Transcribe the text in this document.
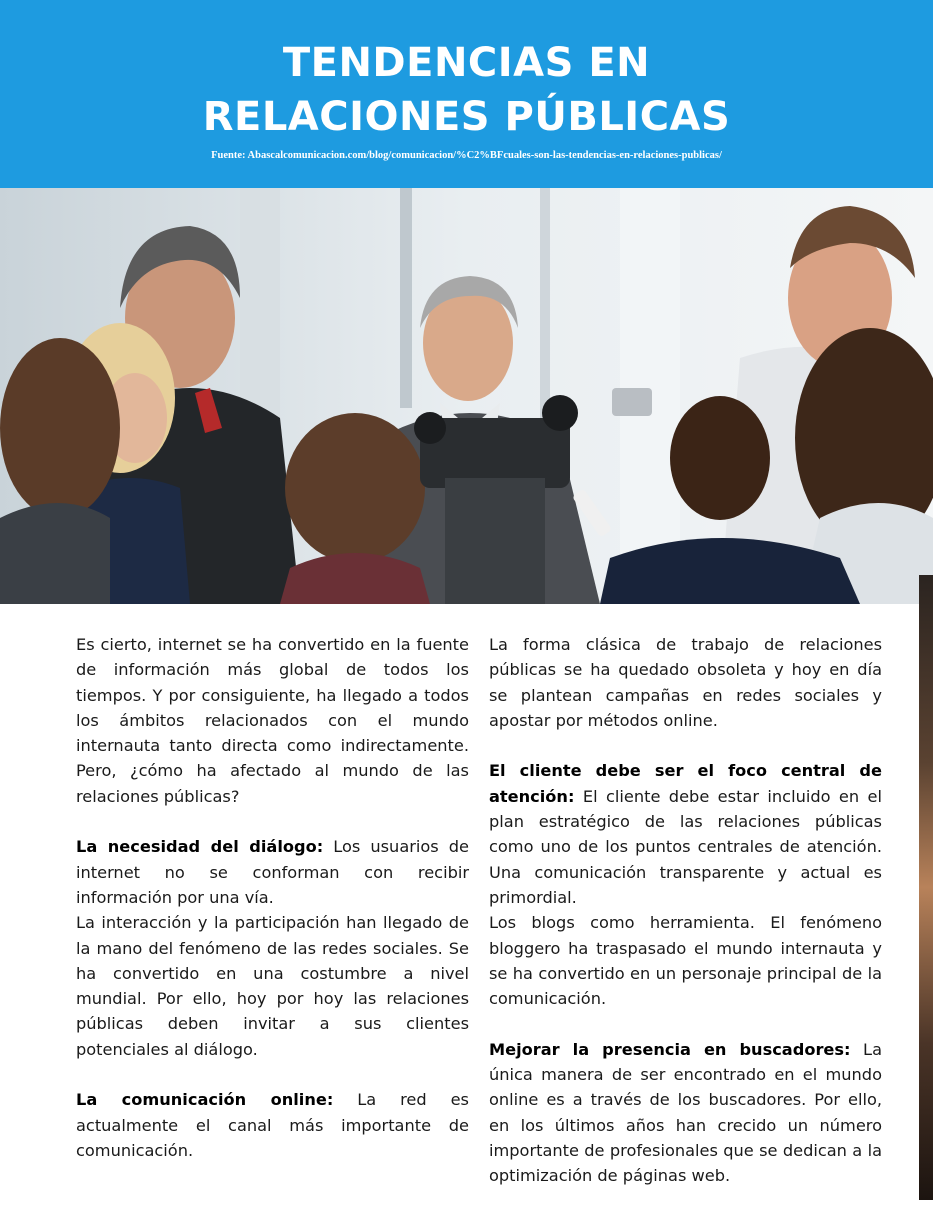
TENDENCIAS EN
RELACIONES PÚBLICAS
Fuente: Abascalcomunicacion.com/blog/comunicacion/%C2%BFcuales-son-las-tendencias-en-relaciones-publicas/

Es cierto, internet se ha convertido en la fuente de información más global de todos los tiempos. Y por consiguiente, ha llegado a todos los ámbitos relacionados con el mundo internauta tanto directa como indirectamente. Pero, ¿cómo ha afectado al mundo de las relaciones públicas?

La necesidad del diálogo: Los usuarios de internet no se conforman con recibir información por una vía.

La interacción y la participación han llegado de la mano del fenómeno de las redes sociales. Se ha convertido en una costumbre a nivel mundial. Por ello, hoy por hoy las relaciones públicas deben invitar a sus clientes potenciales al diálogo.

La comunicación online: La red es actualmente el canal más importante de comunicación.

La forma clásica de trabajo de relaciones públicas se ha quedado obsoleta y hoy en día se plantean campañas en redes sociales y apostar por métodos online.

El cliente debe ser el foco central de atención: El cliente debe estar incluido en el plan estratégico de las relaciones públicas como uno de los puntos centrales de atención. Una comunicación transparente y actual es primordial.

Los blogs como herramienta. El fenómeno bloggero ha traspasado el mundo internauta y se ha convertido en un personaje principal de la comunicación.

Mejorar la presencia en buscadores: La única manera de ser encontrado en el mundo online es a través de los buscadores. Por ello, en los últimos años han crecido un número importante de profesionales que se dedican a la optimización de páginas web.
